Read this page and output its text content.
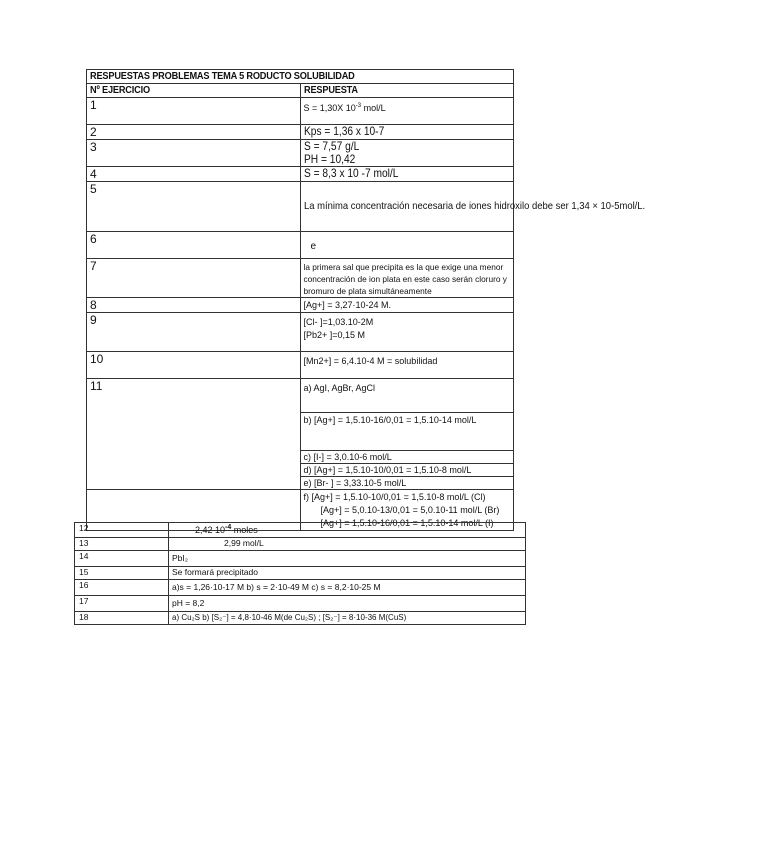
RESPUESTAS PROBLEMAS TEMA 5 RODUCTO SOLUBILIDAD	
Nº EJERCICIO	RESPUESTA
1	S = 1,30X $10^{-3}$ mol/L
2	Kps = 1,36 x 10-7
3	S = 7,57 g/L
PH = 10,42
4	S = 8,3 x 10 -7 mol/L
5	La mínima concentración necesaria de iones hidroxilo debe ser 1,34 × 10-5mol/L.
6	e
7	la primera sal que precipita es la que exige una menor concentración de ion plata en este caso serán cloruro y bromuro de plata simultáneamente
8	[Ag+] = 3,27·10-24 M.
9	[Cl- ]=1,03.10-2M
[Pb2+ ]=0,15 M
10	[Mn2+] = 6,4.10-4 M = solubilidad
11	a) AgI, AgBr, AgCl
	b) [Ag+] = 1,5.10-16/0,01 = 1,5.10-14 mol/L
	c) [I-] = 3,0.10-6 mol/L
	d) [Ag+] = 1,5.10-10/0,01 = 1,5.10-8 mol/L
	e) [Br- ] = 3,33.10-5 mol/L
	f) [Ag+] = 1,5.10-10/0,01 = 1,5.10-8 mol/L (Cl)
[Ag+] = 5,0.10-13/0,01 = 5,0.10-11 mol/L (Br)
[Ag+] = 1,5.10-16/0,01 = 1,5.10-14 mol/L (I)
12	2,42 $10^{-4}$ moles
13	2,99 mol/L
14	PbI₂
15	Se formará precipitado
16	a)s = 1,26·10-17 M b) s = 2·10-49 M c) s = 8,2·10-25 M
17	pH = 8,2
18	a) Cu₂S b) [S₂⁻] = 4,8·10-46 M(de Cu₂S) ; [S₂⁻] = 8·10-36 M(CuS)
